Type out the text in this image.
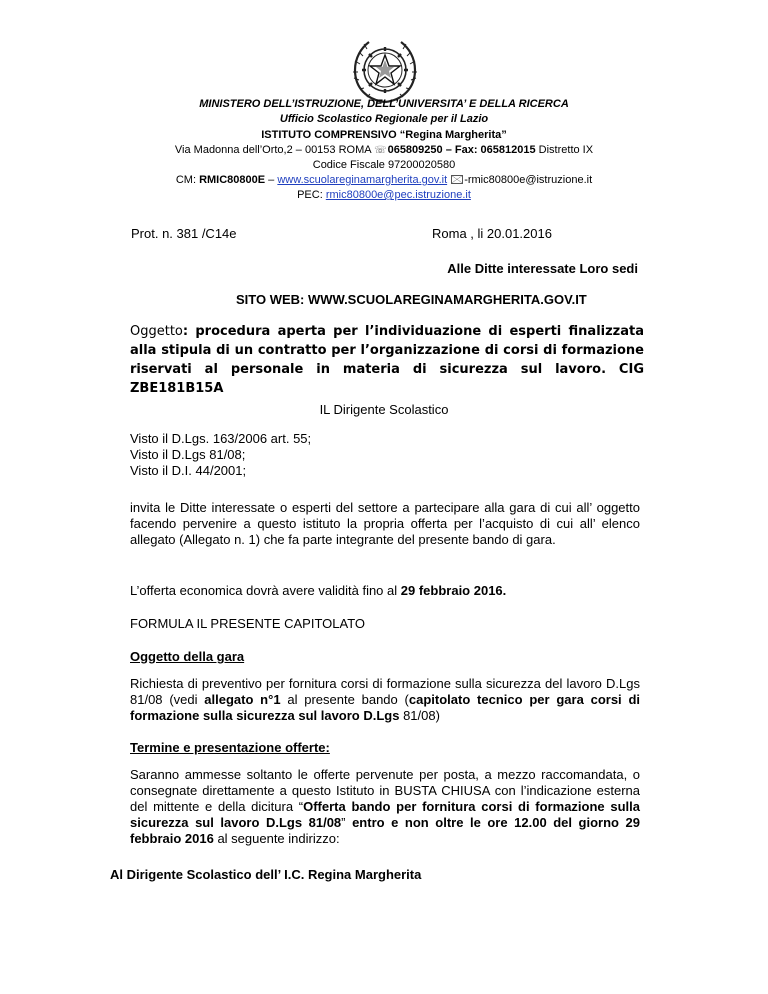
MINISTERO DELL’ISTRUZIONE, DELL’UNIVERSITA’ E DELLA RICERCA
Ufficio Scolastico Regionale per il Lazio
ISTITUTO COMPRENSIVO “Regina Margherita”
Via Madonna dell’Orto,2 – 00153 ROMA ☏065809250 – Fax: 065812015 Distretto IX
Codice Fiscale 97200020580
CM: RMIC80800E – www.scuolareginamargherita.gov.it -rmic80800e@istruzione.it
PEC: rmic80800e@pec.istruzione.it
Prot. n. 381 /C14e	Roma , li 20.01.2016
Alle Ditte interessate Loro sedi
SITO WEB: WWW.SCUOLAREGINAMARGHERITA.GOV.IT
Oggetto: procedura aperta per l’individuazione di esperti finalizzata alla stipula di un contratto per l’organizzazione di corsi di formazione riservati al personale in materia di sicurezza sul lavoro. CIG ZBE181B15A
IL Dirigente Scolastico
Visto il D.Lgs. 163/2006 art. 55;
Visto il D.Lgs 81/08;
Visto il D.I. 44/2001;
invita le Ditte interessate o esperti del settore a partecipare alla gara di cui all’ oggetto facendo pervenire a questo istituto la propria offerta per l’acquisto di cui all’ elenco allegato (Allegato n. 1) che fa parte integrante del presente bando di gara.
L’offerta economica dovrà avere validità fino al 29 febbraio 2016.
FORMULA IL PRESENTE CAPITOLATO
Oggetto della gara
Richiesta di preventivo per fornitura corsi di formazione sulla sicurezza del lavoro D.Lgs 81/08 (vedi allegato n°1 al presente bando (capitolato tecnico per gara corsi di formazione sulla sicurezza sul lavoro D.Lgs 81/08)
Termine e presentazione offerte:
Saranno ammesse soltanto le offerte pervenute per posta, a mezzo raccomandata, o consegnate direttamente a questo Istituto in BUSTA CHIUSA con l’indicazione esterna del mittente e della dicitura “Offerta bando per fornitura corsi di formazione sulla sicurezza sul lavoro D.Lgs 81/08” entro e non oltre le ore 12.00 del giorno 29 febbraio 2016 al seguente indirizzo:
Al Dirigente Scolastico dell’ I.C. Regina Margherita
